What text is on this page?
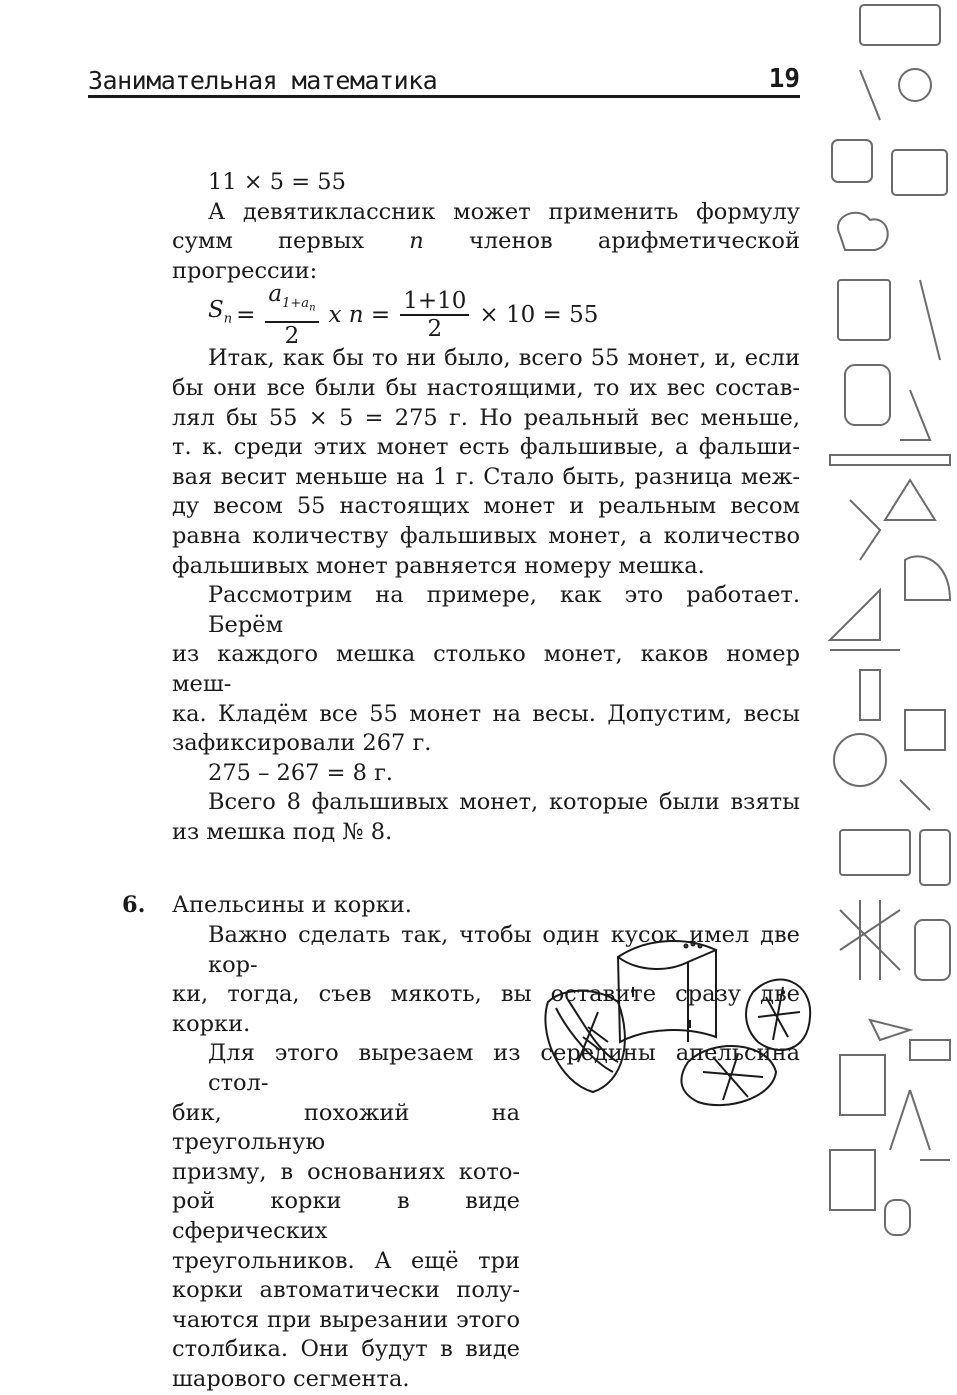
Занимательная математика	19
11 × 5 = 55
А девятиклассник может применить формулу
сумм первых n членов арифметической прогрессии:
$S_n = \frac{a_{1+a_n}}{2}$ x $n = \frac{1+10}{2} \times 10 = 55$
Итак, как бы то ни было, всего 55 монет, и, если
бы они все были бы настоящими, то их вес состав-
лял бы 55 × 5 = 275 г. Но реальный вес меньше,
т. к. среди этих монет есть фальшивые, а фальши-
вая весит меньше на 1 г. Стало быть, разница меж-
ду весом 55 настоящих монет и реальным весом
равна количеству фальшивых монет, а количество
фальшивых монет равняется номеру мешка.
Рассмотрим на примере, как это работает. Берём
из каждого мешка столько монет, каков номер меш-
ка. Кладём все 55 монет на весы. Допустим, весы
зафиксировали 267 г.
275 – 267 = 8 г.
Всего 8 фальшивых монет, которые были взяты
из мешка под № 8.
6. Апельсины и корки.
Важно сделать так, чтобы один кусок имел две кор-
ки, тогда, съев мякоть, вы оставите сразу две корки.
Для этого вырезаем из середины апельсина стол-
бик, похожий на треугольную
призму, в основаниях кото-
рой корки в виде сферических
треугольников. А ещё три
корки автоматически полу-
чаются при вырезании этого
столбика. Они будут в виде
шарового сегмента.
